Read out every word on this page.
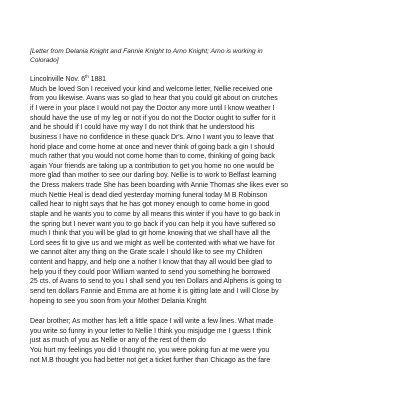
[Letter from Delania Knight and Fannie Knight to Arno Knight; Arno is working in

Colorado]

Lincolnville Nov. 6th 1881

Much be loved Son I received your kind and welcome letter, Nellie received one
from you likewise. Avans was so glad to hear that you could git about on crutches
if I were in your place I would not pay the Doctor any more until I know weather I
should have the use of my leg or not if you do not the Doctor ought to suffer for it
and he should if I could have my way I do not think that he understood his
business I have no confidence in these quack Dr's. Arno I want you to leave that
horid place and come home at once and never think of going back a gin I should
much rather that you would not come home than to come, thinking of going back
again Your friends are taking up a contribution to get you home no one would be
more glad than mother to see our darling boy. Nellie is to work to Belfast learning
the Dress makers trade She has been boarding with Annie Thomas she likes ever so
much Nettie Heal is dead died yesterday morning funeral today M B Robinson
called hear to night says that he has got money enough to come home in good
staple and he wants you to come by all means this winter if you have to go back in
the spring but I never want you to go back if you can help it you have suffered so
much I think that you will be glad to git home knowing that we shall have all the
Lord sees fit to give us and we might as well be contented with what we have for
we cannot alter any thing on the Grate scale I should like to see my Children
content and happy, and help one a nother I know that thay all would bee glad to
help you if they could poor William wanted to send you something he borrowed
25 cts. of Avans to send to you I shall send you ten Dollars and Alphens is going to
send ten dollars Fannie and Emma are at home it is gitting late and I will Close by
hopeing to see you soon from your Mother Delania Knight
Dear brother; As mother has left a little space I will write a few lines. What made
you write so funny in your letter to Nellie I think you misjudge me I guess I think
just as much of you as Nellie or any of the rest of them do
You hurt my feelings you did I thought no, you were poking fun at me were you
not M.B thought you had better not get a ticket further than Chicago as the fare
